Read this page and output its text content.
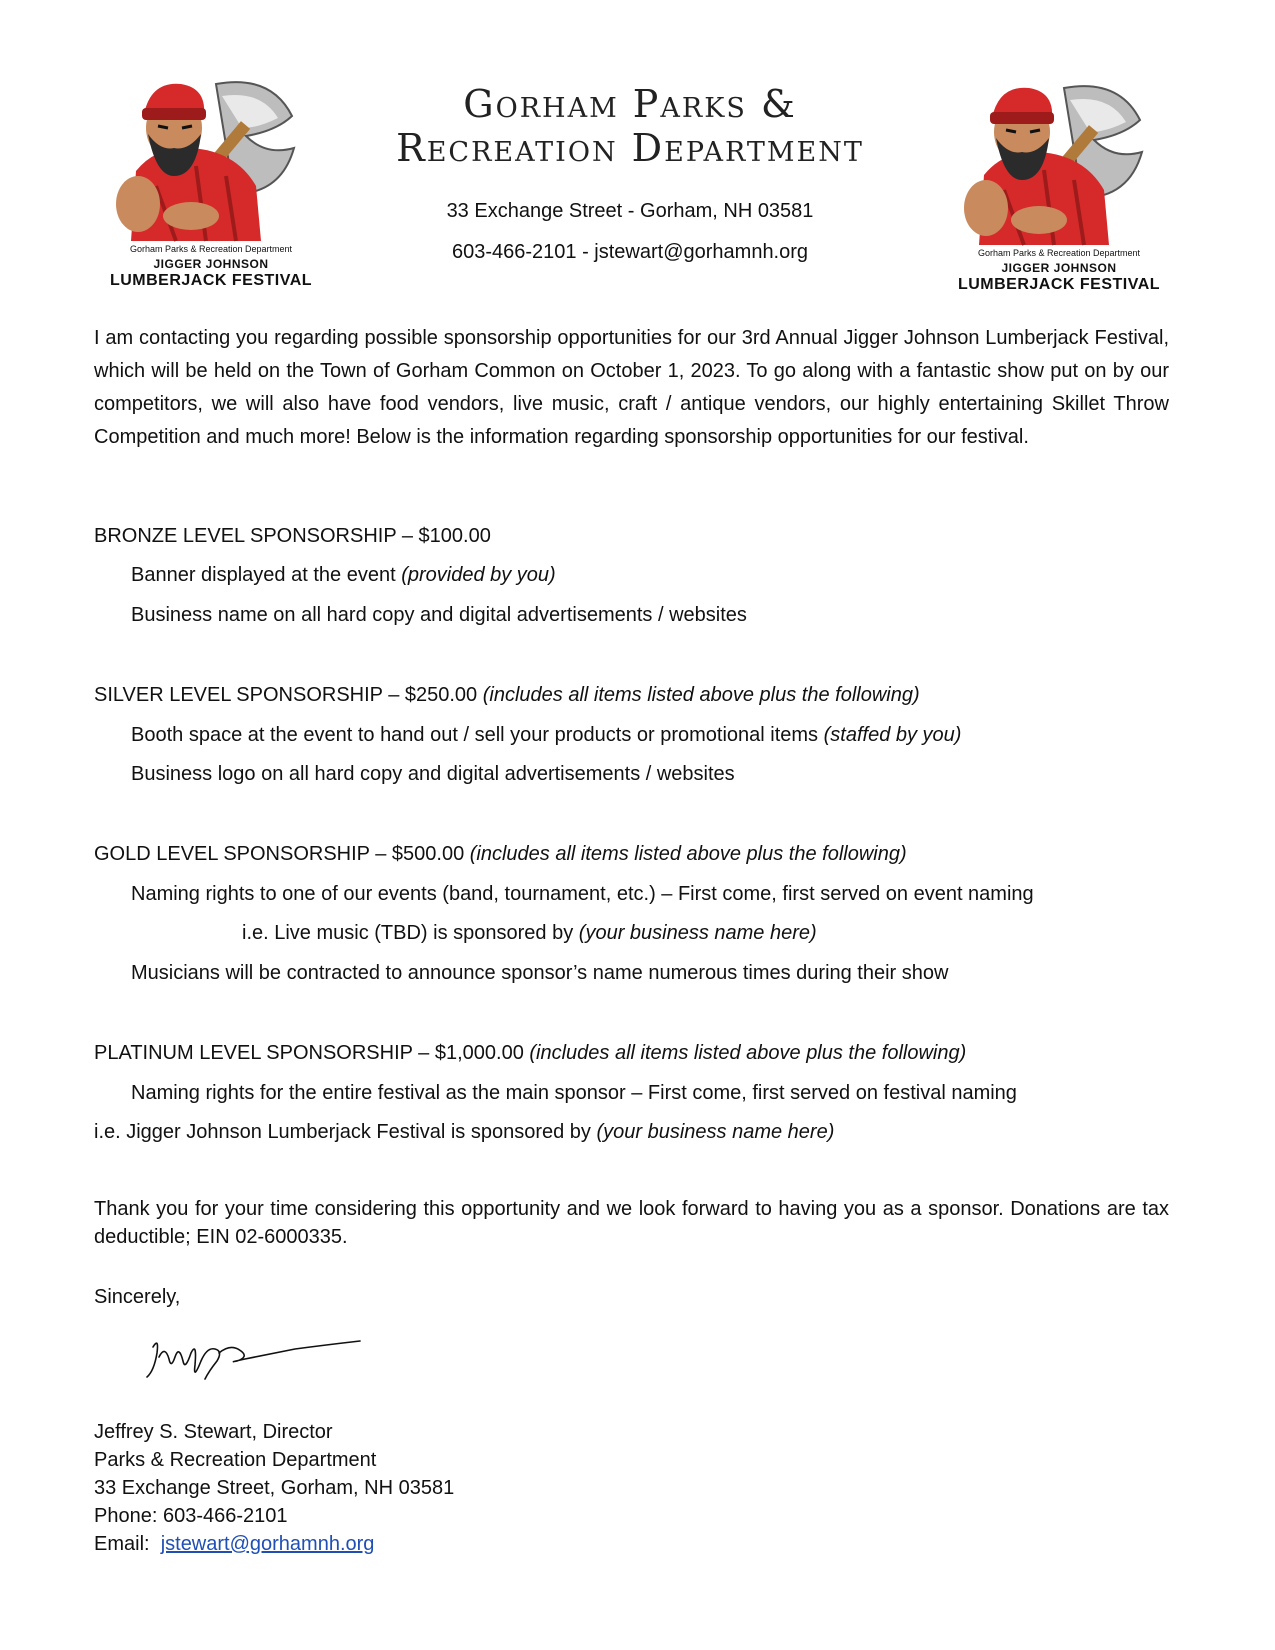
Gorham Parks & Recreation Department
JIGGER JOHNSON
LUMBERJACK FESTIVAL
Gorham Parks &
Recreation Department
33 Exchange Street - Gorham, NH 03581
603-466-2101 - jstewart@gorhamnh.org	Gorham Parks & Recreation Department
JIGGER JOHNSON
LUMBERJACK FESTIVAL
I am contacting you regarding possible sponsorship opportunities for our 3rd Annual Jigger Johnson Lumberjack Festival, which will be held on the Town of Gorham Common on October 1, 2023. To go along with a fantastic show put on by our competitors, we will also have food vendors, live music, craft / antique vendors, our highly entertaining Skillet Throw Competition and much more! Below is the information regarding sponsorship opportunities for our festival.
BRONZE LEVEL SPONSORSHIP – $100.00
Banner displayed at the event (provided by you)
Business name on all hard copy and digital advertisements / websites
SILVER LEVEL SPONSORSHIP – $250.00 (includes all items listed above plus the following)
Booth space at the event to hand out / sell your products or promotional items (staffed by you)
Business logo on all hard copy and digital advertisements / websites
GOLD LEVEL SPONSORSHIP – $500.00 (includes all items listed above plus the following)
Naming rights to one of our events (band, tournament, etc.) – First come, first served on event naming
i.e. Live music (TBD) is sponsored by (your business name here)
Musicians will be contracted to announce sponsor’s name numerous times during their show
PLATINUM LEVEL SPONSORSHIP – $1,000.00 (includes all items listed above plus the following)
Naming rights for the entire festival as the main sponsor – First come, first served on festival naming
i.e. Jigger Johnson Lumberjack Festival is sponsored by (your business name here)
Thank you for your time considering this opportunity and we look forward to having you as a sponsor. Donations are tax deductible; EIN 02-6000335.
Sincerely,
Jeffrey S. Stewart, Director
Parks & Recreation Department
33 Exchange Street, Gorham, NH 03581
Phone: 603-466-2101
Email:  jstewart@gorhamnh.org
